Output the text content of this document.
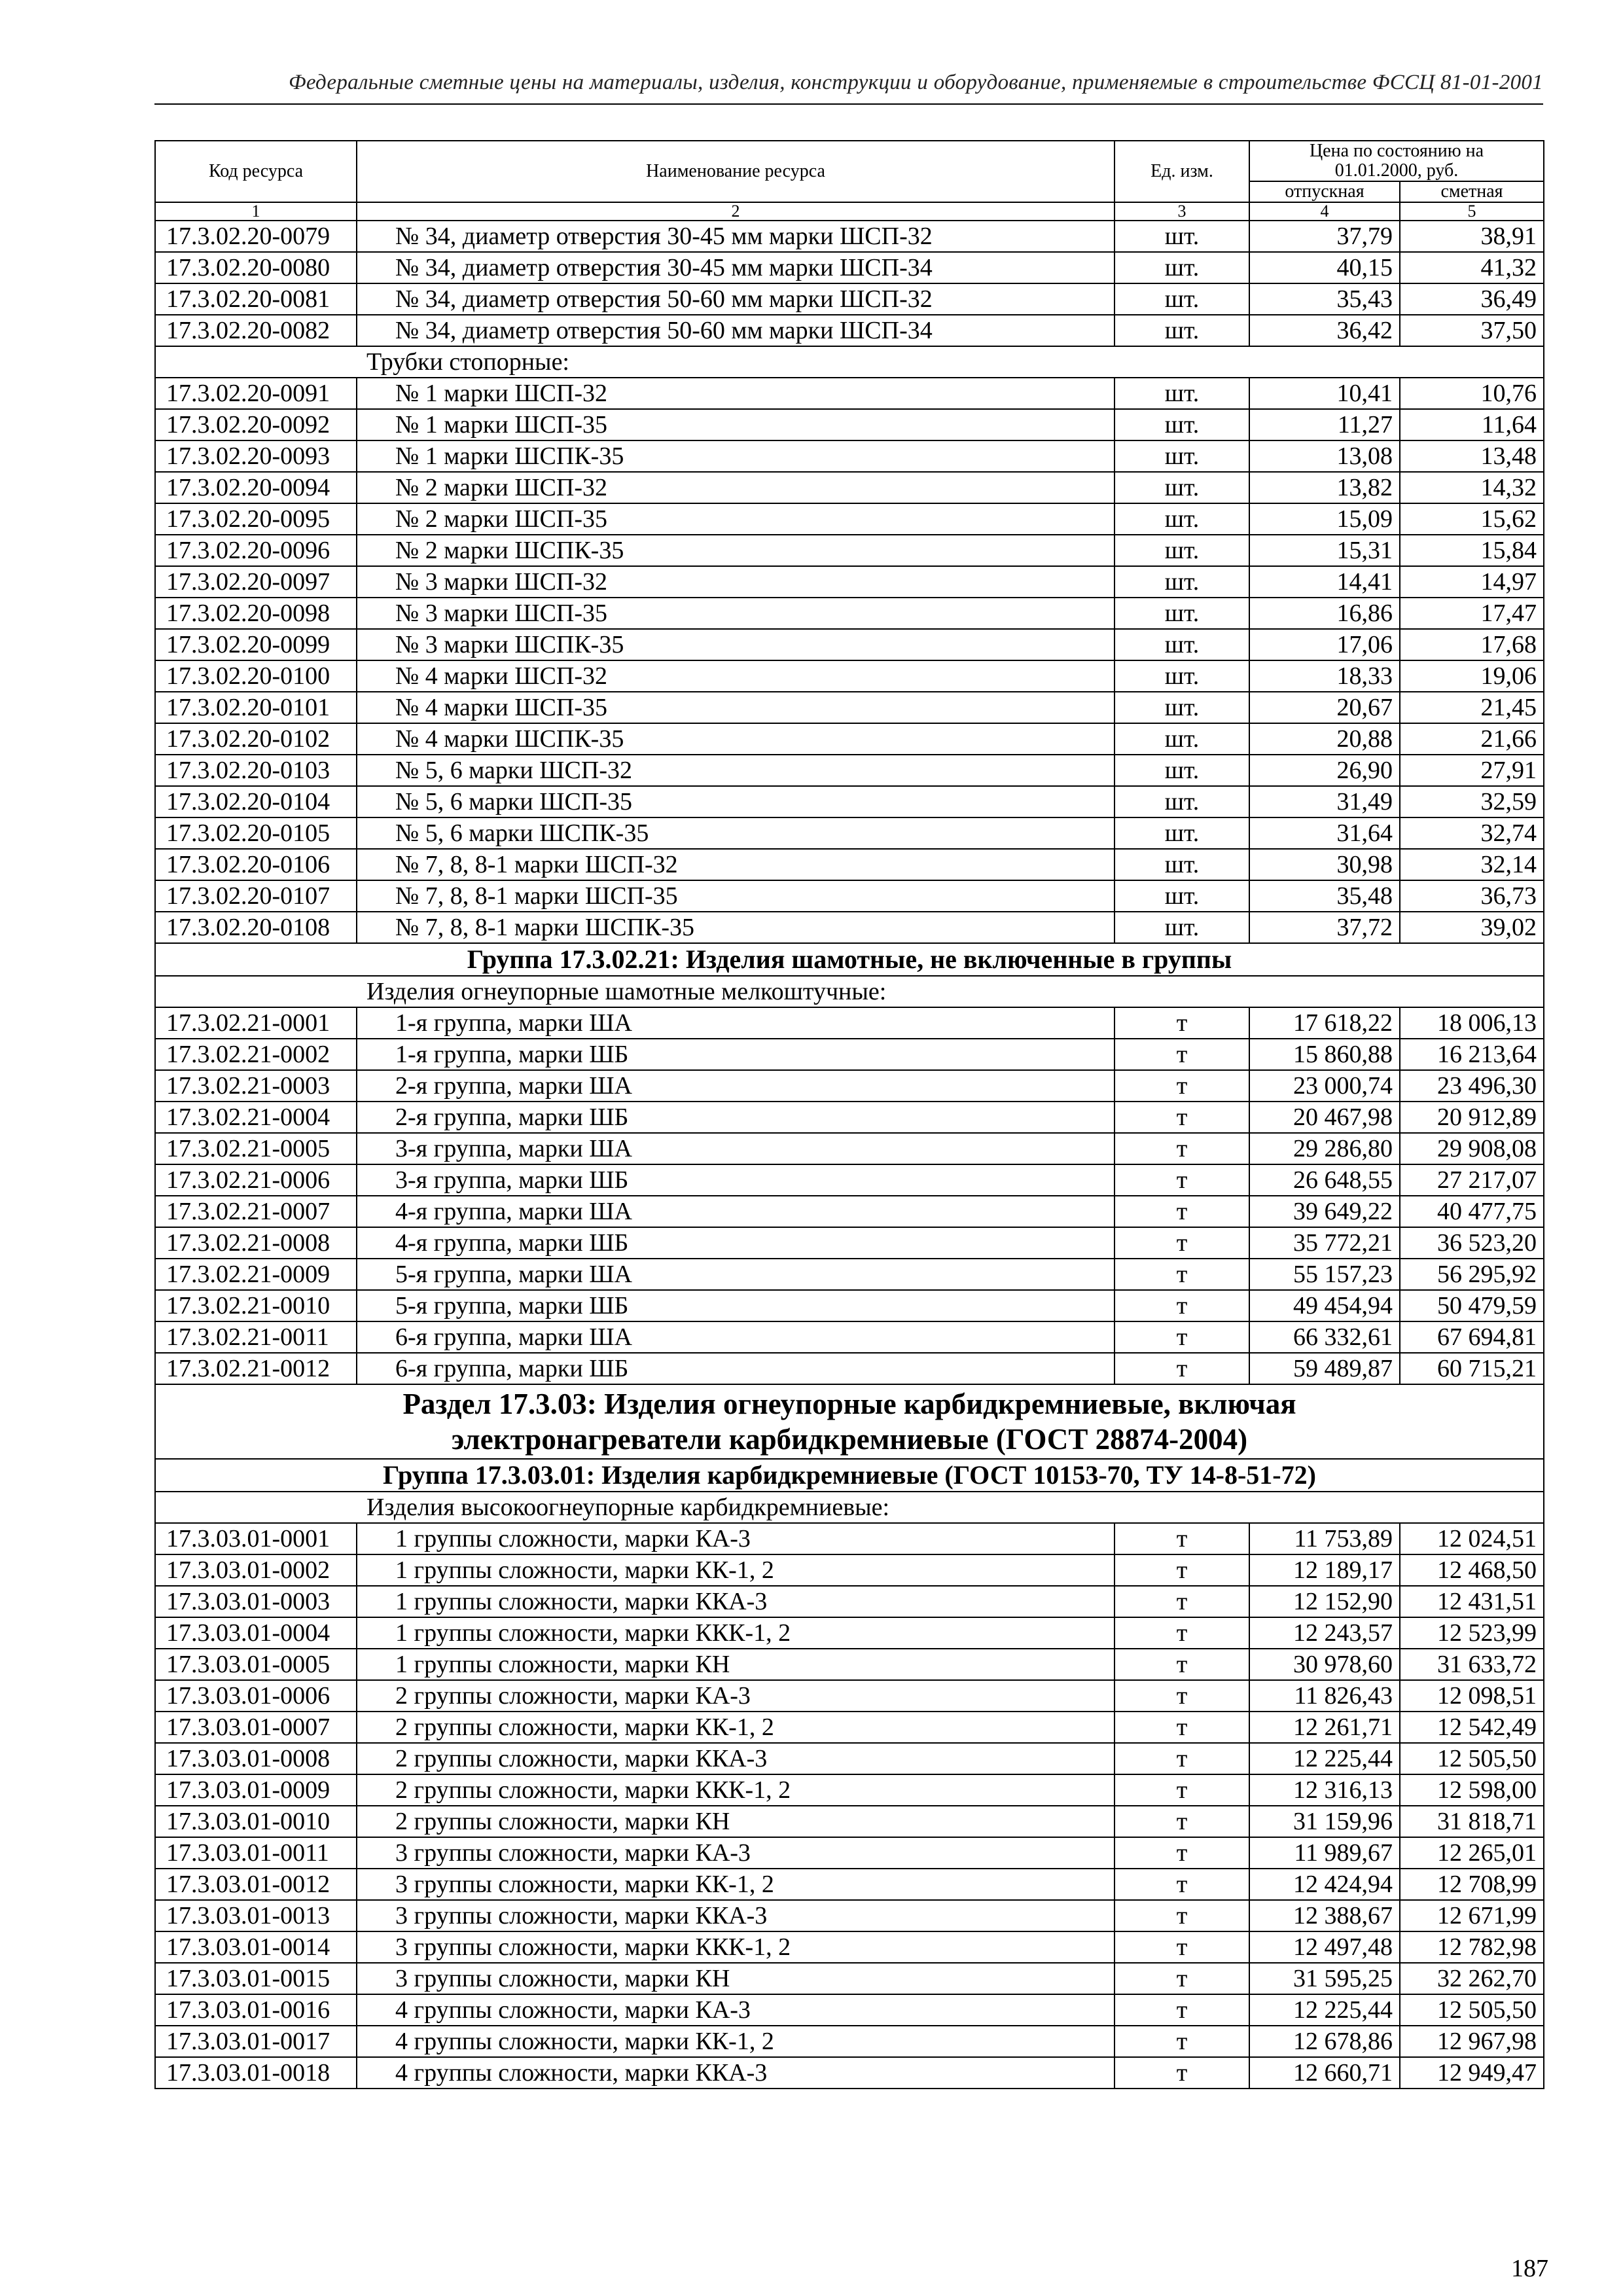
Федеральные сметные цены на материалы, изделия, конструкции и оборудование, применяемые в строительстве ФССЦ 81-01-2001
Код ресурса	Наименование ресурса	Ед. изм.	Цена по состоянию на 01.01.2000, руб.	
			отпускная	сметная

1	2	3	4	5
17.3.02.20-0079	№ 34, диаметр отверстия 30-45 мм марки ШСП-32	шт.	37,79	38,91
17.3.02.20-0080	№ 34, диаметр отверстия 30-45 мм марки ШСП-34	шт.	40,15	41,32
17.3.02.20-0081	№ 34, диаметр отверстия 50-60 мм марки ШСП-32	шт.	35,43	36,49
17.3.02.20-0082	№ 34, диаметр отверстия 50-60 мм марки ШСП-34	шт.	36,42	37,50
Трубки стопорные:				
17.3.02.20-0091	№ 1 марки ШСП-32	шт.	10,41	10,76
17.3.02.20-0092	№ 1 марки ШСП-35	шт.	11,27	11,64
17.3.02.20-0093	№ 1 марки ШСПК-35	шт.	13,08	13,48
17.3.02.20-0094	№ 2 марки ШСП-32	шт.	13,82	14,32
17.3.02.20-0095	№ 2 марки ШСП-35	шт.	15,09	15,62
17.3.02.20-0096	№ 2 марки ШСПК-35	шт.	15,31	15,84
17.3.02.20-0097	№ 3 марки ШСП-32	шт.	14,41	14,97
17.3.02.20-0098	№ 3 марки ШСП-35	шт.	16,86	17,47
17.3.02.20-0099	№ 3 марки ШСПК-35	шт.	17,06	17,68
17.3.02.20-0100	№ 4 марки ШСП-32	шт.	18,33	19,06
17.3.02.20-0101	№ 4 марки ШСП-35	шт.	20,67	21,45
17.3.02.20-0102	№ 4 марки ШСПК-35	шт.	20,88	21,66
17.3.02.20-0103	№ 5, 6 марки ШСП-32	шт.	26,90	27,91
17.3.02.20-0104	№ 5, 6 марки ШСП-35	шт.	31,49	32,59
17.3.02.20-0105	№ 5, 6 марки ШСПК-35	шт.	31,64	32,74
17.3.02.20-0106	№ 7, 8, 8-1 марки ШСП-32	шт.	30,98	32,14
17.3.02.20-0107	№ 7, 8, 8-1 марки ШСП-35	шт.	35,48	36,73
17.3.02.20-0108	№ 7, 8, 8-1 марки ШСПК-35	шт.	37,72	39,02
Группа 17.3.02.21: Изделия шамотные, не включенные в группы				
Изделия огнеупорные шамотные мелкоштучные:				
17.3.02.21-0001	1-я группа, марки ША	т	17 618,22	18 006,13
17.3.02.21-0002	1-я группа, марки ШБ	т	15 860,88	16 213,64
17.3.02.21-0003	2-я группа, марки ША	т	23 000,74	23 496,30
17.3.02.21-0004	2-я группа, марки ШБ	т	20 467,98	20 912,89
17.3.02.21-0005	3-я группа, марки ША	т	29 286,80	29 908,08
17.3.02.21-0006	3-я группа, марки ШБ	т	26 648,55	27 217,07
17.3.02.21-0007	4-я группа, марки ША	т	39 649,22	40 477,75
17.3.02.21-0008	4-я группа, марки ШБ	т	35 772,21	36 523,20
17.3.02.21-0009	5-я группа, марки ША	т	55 157,23	56 295,92
17.3.02.21-0010	5-я группа, марки ШБ	т	49 454,94	50 479,59
17.3.02.21-0011	6-я группа, марки ША	т	66 332,61	67 694,81
17.3.02.21-0012	6-я группа, марки ШБ	т	59 489,87	60 715,21
Раздел 17.3.03: Изделия огнеупорные карбидкремниевые, включая электронагреватели карбидкремниевые (ГОСТ 28874-2004)				
Группа 17.3.03.01: Изделия карбидкремниевые (ГОСТ 10153-70, ТУ 14-8-51-72)				
Изделия высокоогнеупорные карбидкремниевые:				
17.3.03.01-0001	1 группы сложности, марки КА-3	т	11 753,89	12 024,51
17.3.03.01-0002	1 группы сложности, марки КК-1, 2	т	12 189,17	12 468,50
17.3.03.01-0003	1 группы сложности, марки ККА-3	т	12 152,90	12 431,51
17.3.03.01-0004	1 группы сложности, марки ККК-1, 2	т	12 243,57	12 523,99
17.3.03.01-0005	1 группы сложности, марки КН	т	30 978,60	31 633,72
17.3.03.01-0006	2 группы сложности, марки КА-3	т	11 826,43	12 098,51
17.3.03.01-0007	2 группы сложности, марки КК-1, 2	т	12 261,71	12 542,49
17.3.03.01-0008	2 группы сложности, марки ККА-3	т	12 225,44	12 505,50
17.3.03.01-0009	2 группы сложности, марки ККК-1, 2	т	12 316,13	12 598,00
17.3.03.01-0010	2 группы сложности, марки КН	т	31 159,96	31 818,71
17.3.03.01-0011	3 группы сложности, марки КА-3	т	11 989,67	12 265,01
17.3.03.01-0012	3 группы сложности, марки КК-1, 2	т	12 424,94	12 708,99
17.3.03.01-0013	3 группы сложности, марки ККА-3	т	12 388,67	12 671,99
17.3.03.01-0014	3 группы сложности, марки ККК-1, 2	т	12 497,48	12 782,98
17.3.03.01-0015	3 группы сложности, марки КН	т	31 595,25	32 262,70
17.3.03.01-0016	4 группы сложности, марки КА-3	т	12 225,44	12 505,50
17.3.03.01-0017	4 группы сложности, марки КК-1, 2	т	12 678,86	12 967,98
17.3.03.01-0018	4 группы сложности, марки ККА-3	т	12 660,71	12 949,47
187
